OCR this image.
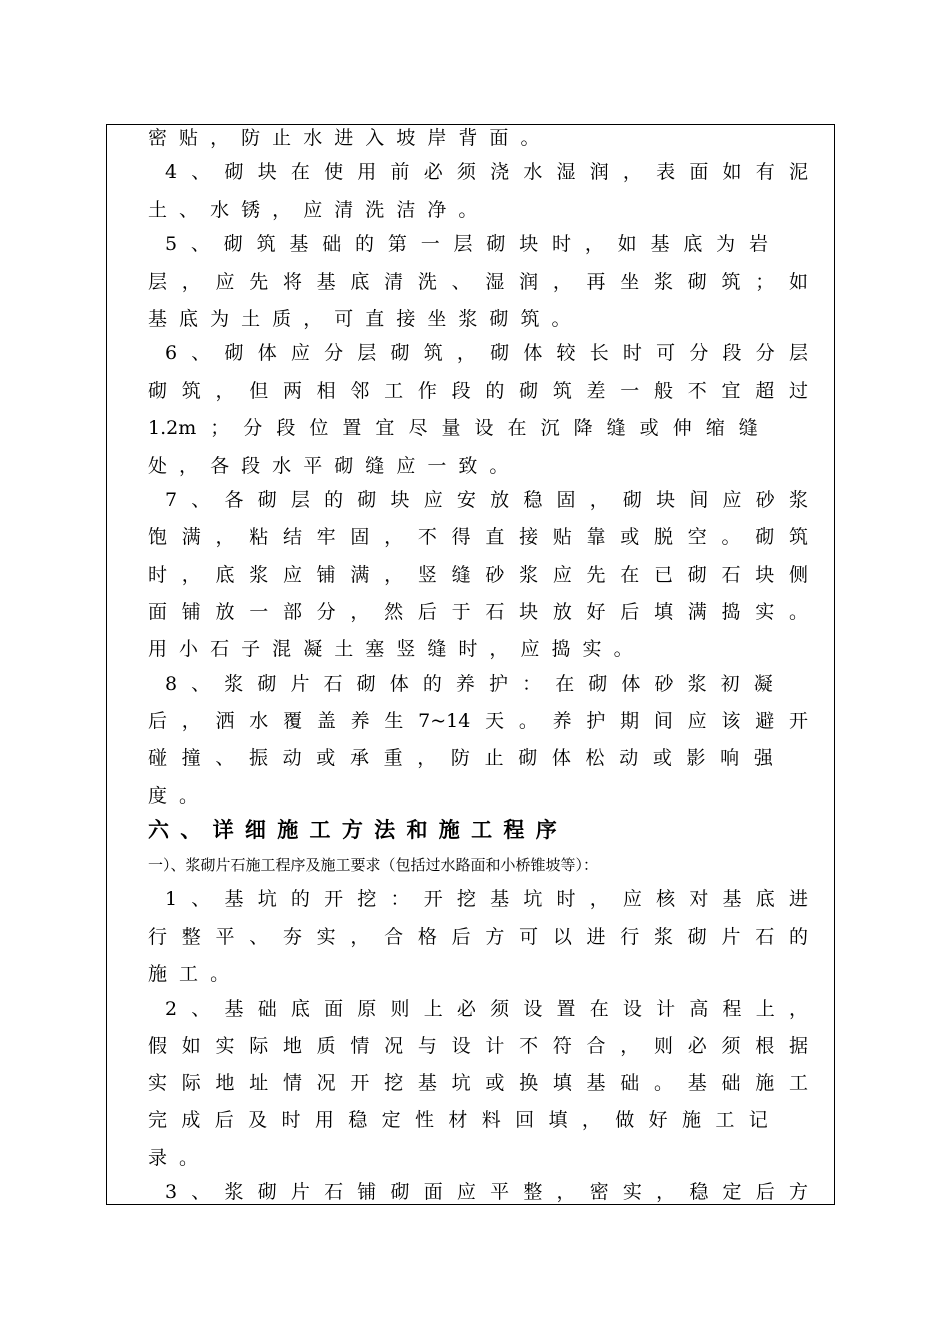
密 贴 ， 防 止 水 进 入 坡 岸 背 面 。
4 、 砌 块 在 使 用 前 必 须 浇 水 湿 润 ， 表 面 如 有 泥
土 、 水 锈 ， 应 清 洗 洁 净 。
5 、 砌 筑 基 础 的 第 一 层 砌 块 时 ， 如 基 底 为 岩
层 ， 应 先 将 基 底 清 洗 、 湿 润 ， 再 坐 浆 砌 筑 ； 如
基 底 为 土 质 ， 可 直 接 坐 浆 砌 筑 。
6 、 砌 体 应 分 层 砌 筑 ， 砌 体 较 长 时 可 分 段 分 层
砌 筑 ， 但 两 相 邻 工 作 段 的 砌 筑 差 一 般 不 宜 超 过
1.2m ； 分 段 位 置 宜 尽 量 设 在 沉 降 缝 或 伸 缩 缝
处 ， 各 段 水 平 砌 缝 应 一 致 。
7 、 各 砌 层 的 砌 块 应 安 放 稳 固 ， 砌 块 间 应 砂 浆
饱 满 ， 粘 结 牢 固 ， 不 得 直 接 贴 靠 或 脱 空 。 砌 筑
时 ， 底 浆 应 铺 满 ， 竖 缝 砂 浆 应 先 在 已 砌 石 块 侧
面 铺 放 一 部 分 ， 然 后 于 石 块 放 好 后 填 满 捣 实 。
用 小 石 子 混 凝 土 塞 竖 缝 时 ， 应 捣 实 。
8 、 浆 砌 片 石 砌 体 的 养 护 ： 在 砌 体 砂 浆 初 凝
后 ， 洒 水 覆 盖 养 生 7~14 天 。 养 护 期 间 应 该 避 开
碰 撞 、 振 动 或 承 重 ， 防 止 砌 体 松 动 或 影 响 强
度 。
六 、 详 细 施 工 方 法 和 施 工 程 序
一）、浆砌片石施工程序及施工要求（包括过水路面和小桥锥坡等）：
1 、 基 坑 的 开 挖 ： 开 挖 基 坑 时 ， 应 核 对 基 底 进
行 整 平 、 夯 实 ， 合 格 后 方 可 以 进 行 浆 砌 片 石 的
施 工 。
2 、 基 础 底 面 原 则 上 必 须 设 置 在 设 计 高 程 上 ，
假 如 实 际 地 质 情 况 与 设 计 不 符 合 ， 则 必 须 根 据
实 际 地 址 情 况 开 挖 基 坑 或 换 填 基 础 。 基 础 施 工
完 成 后 及 时 用 稳 定 性 材 料 回 填 ， 做 好 施 工 记
录 。
3 、 浆 砌 片 石 铺 砌 面 应 平 整 ， 密 实 ， 稳 定 后 方
